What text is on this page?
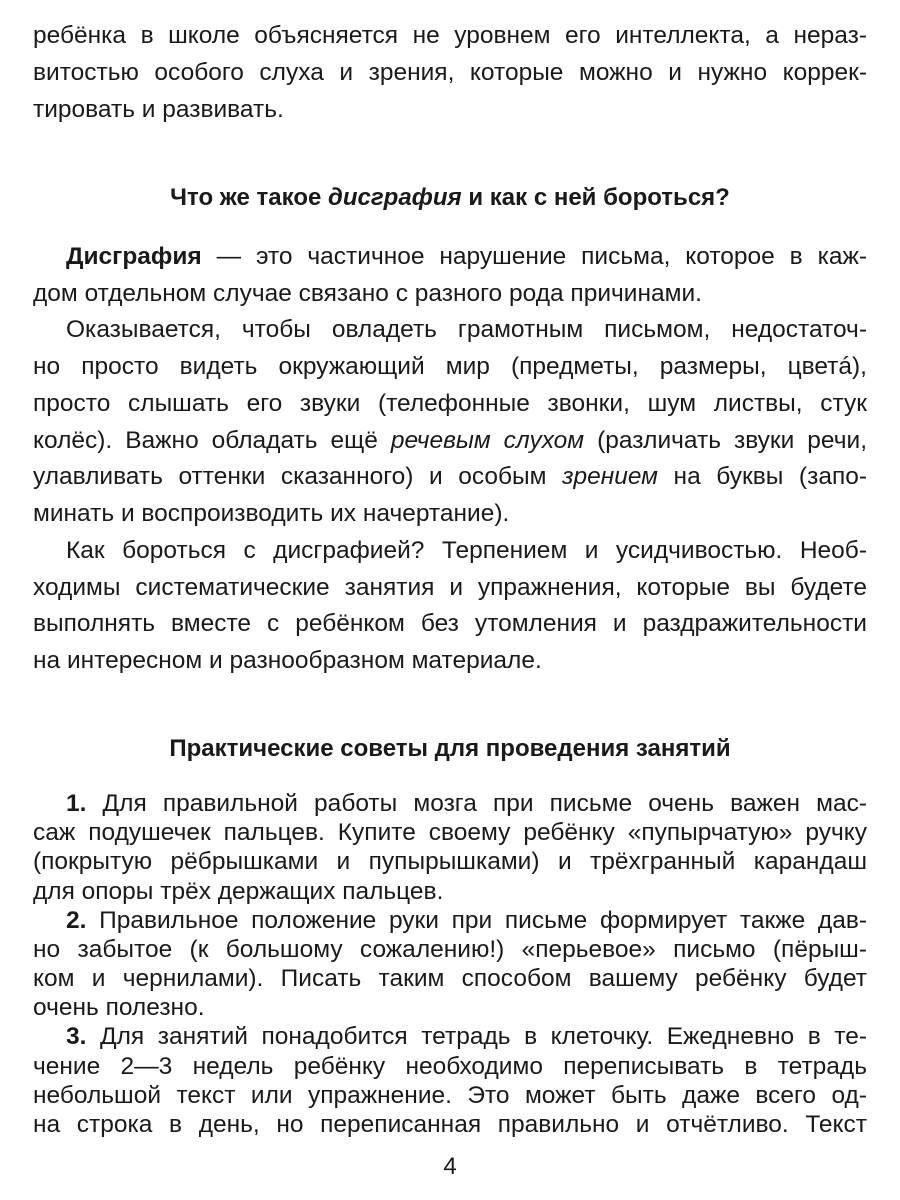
ребёнка в школе объясняется не уровнем его интеллекта, а нераз-
витостью особого слуха и зрения, которые можно и нужно коррек-
тировать и развивать.
Что же такое дисграфия и как с ней бороться?
Дисграфия — это частичное нарушение письма, которое в каж-
дом отдельном случае связано с разного рода причинами.
Оказывается, чтобы овладеть грамотным письмом, недостаточ-
но просто видеть окружающий мир (предметы, размеры, цветá),
просто слышать его звуки (телефонные звонки, шум листвы, стук
колёс). Важно обладать ещё речевым слухом (различать звуки речи,
улавливать оттенки сказанного) и особым зрением на буквы (запо-
минать и воспроизводить их начертание).
Как бороться с дисграфией? Терпением и усидчивостью. Необ-
ходимы систематические занятия и упражнения, которые вы будете
выполнять вместе с ребёнком без утомления и раздражительности
на интересном и разнообразном материале.
Практические советы для проведения занятий
1. Для правильной работы мозга при письме очень важен мас-
саж подушечек пальцев. Купите своему ребёнку «пупырчатую» ручку
(покрытую рёбрышками и пупырышками) и трёхгранный карандаш
для опоры трёх держащих пальцев.
2. Правильное положение руки при письме формирует также дав-
но забытое (к большому сожалению!) «перьевое» письмо (пёрыш-
ком и чернилами). Писать таким способом вашему ребёнку будет
очень полезно.
3. Для занятий понадобится тетрадь в клеточку. Ежедневно в те-
чение 2—3 недель ребёнку необходимо переписывать в тетрадь
небольшой текст или упражнение. Это может быть даже всего од-
на строка в день, но переписанная правильно и отчётливо. Текст
4
